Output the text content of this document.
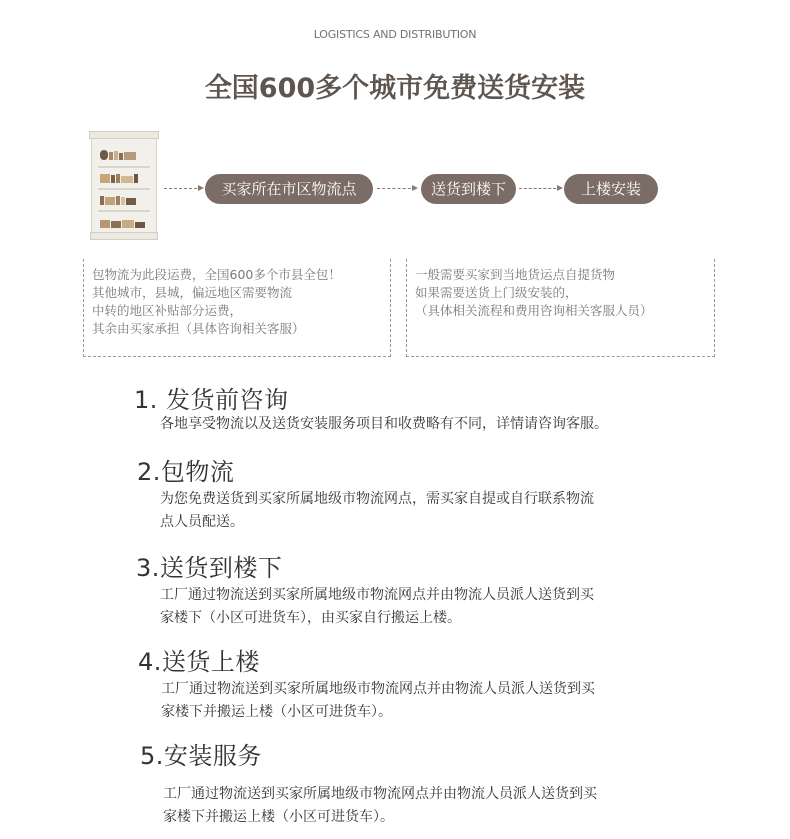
LOGISTICS AND DISTRIBUTION
全国600多个城市免费送货安装
买家所在市区物流点	送货到楼下	上楼安装
包物流为此段运费，全国600多个市县全包！
其他城市，县城，偏远地区需要物流
中转的地区补贴部分运费，
其余由买家承担（具体咨询相关客服）
一般需要买家到当地货运点自提货物
如果需要送货上门级安装的，
（具体相关流程和费用咨询相关客服人员）
1. 发货前咨询
各地享受物流以及送货安装服务项目和收费略有不同，详情请咨询客服。
2.包物流
为您免费送货到买家所属地级市物流网点，需买家自提或自行联系物流
点人员配送。
3.送货到楼下
工厂通过物流送到买家所属地级市物流网点并由物流人员派人送货到买
家楼下（小区可进货车），由买家自行搬运上楼。
4.送货上楼
工厂通过物流送到买家所属地级市物流网点并由物流人员派人送货到买
家楼下并搬运上楼（小区可进货车）。
5.安装服务
工厂通过物流送到买家所属地级市物流网点并由物流人员派人送货到买
家楼下并搬运上楼（小区可进货车）。
